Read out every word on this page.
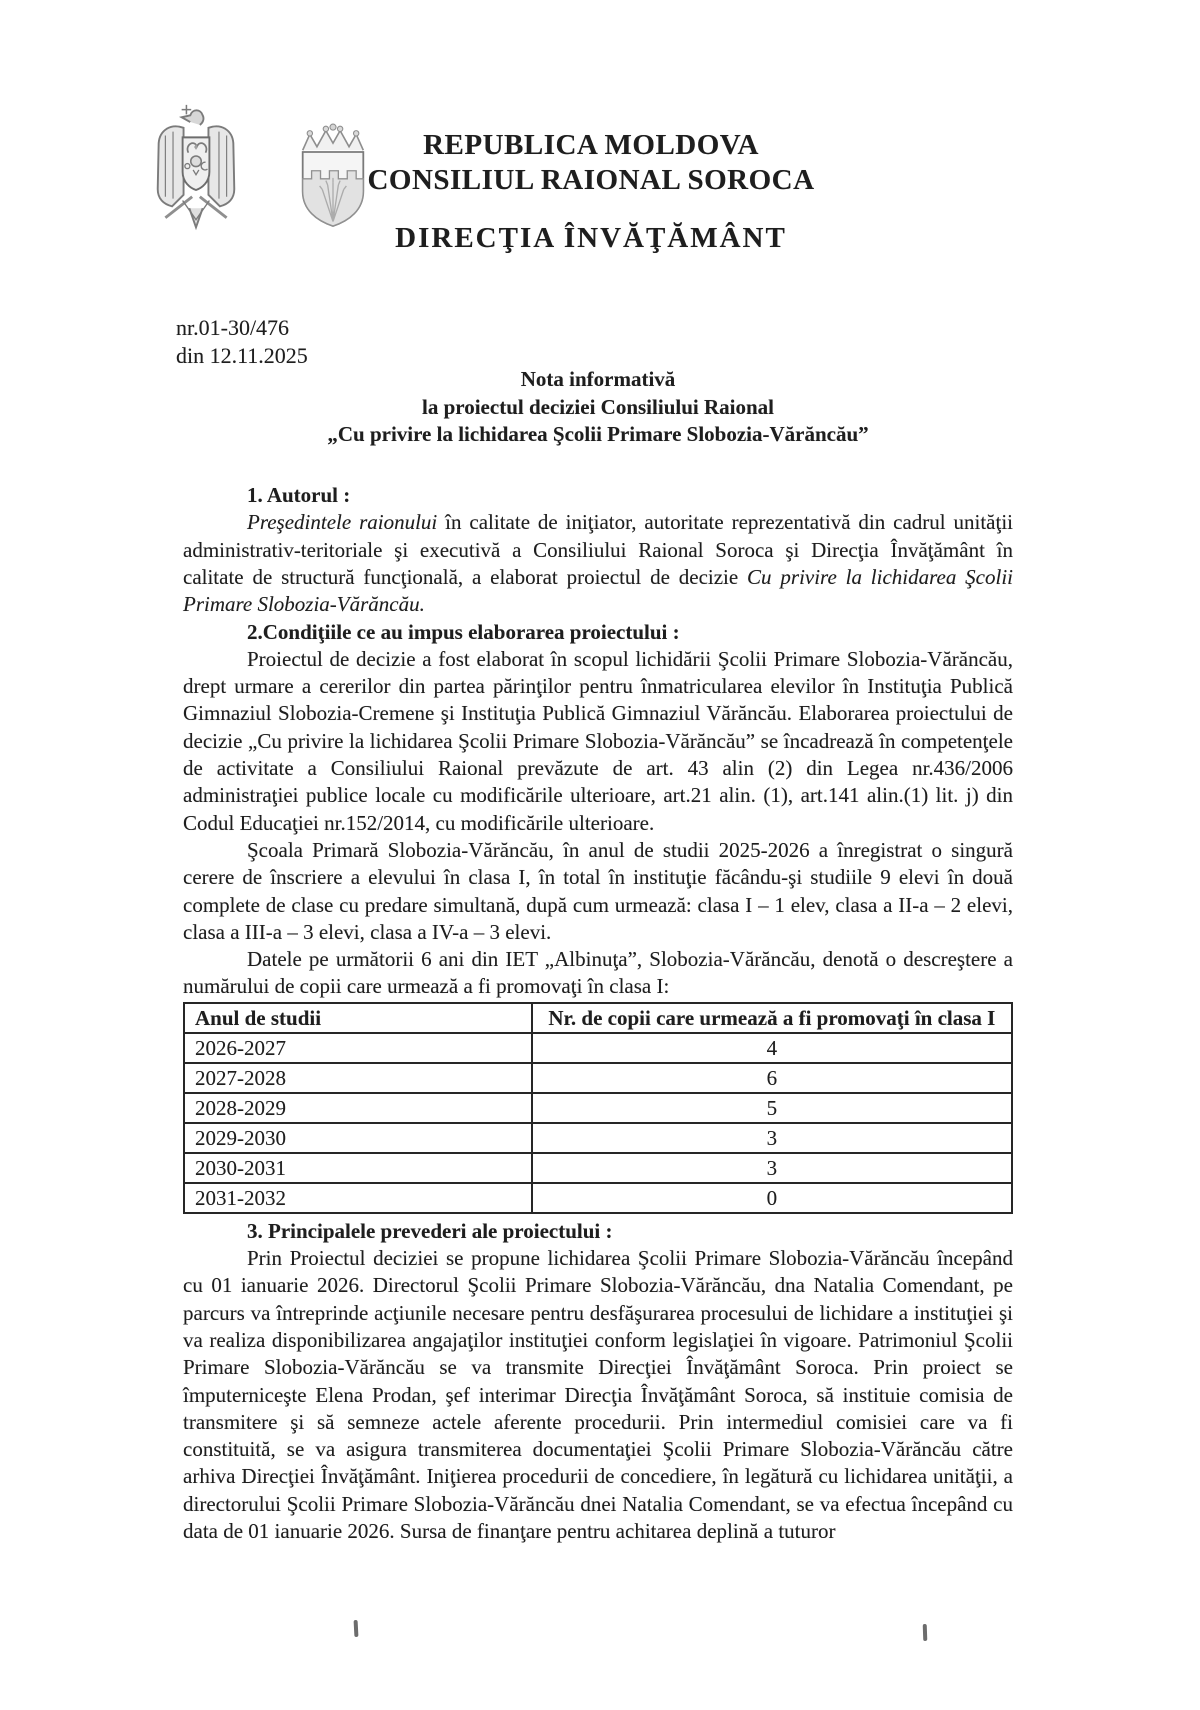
REPUBLICA MOLDOVA
CONSILIUL RAIONAL SOROCA
DIRECŢIA ÎNVĂŢĂMÂNT
nr.01-30/476
din 12.11.2025
Nota informativă
la proiectul deciziei Consiliului Raional
„Cu privire la lichidarea Şcolii Primare Slobozia-Vărăncău”
1. Autorul :
Preşedintele raionului în calitate de iniţiator, autoritate reprezentativă din cadrul unităţii administrativ-teritoriale şi executivă a Consiliului Raional Soroca şi Direcţia Învăţământ în calitate de structură funcţională, a elaborat proiectul de decizie Cu privire la lichidarea Şcolii Primare Slobozia-Vărăncău.
2.Condiţiile ce au impus elaborarea proiectului :
Proiectul de decizie a fost elaborat în scopul lichidării Şcolii Primare Slobozia-Vărăncău, drept urmare a cererilor din partea părinţilor pentru înmatricularea elevilor în Instituţia Publică Gimnaziul Slobozia-Cremene şi Instituţia Publică Gimnaziul Vărăncău. Elaborarea proiectului de decizie „Cu privire la lichidarea Şcolii Primare Slobozia-Vărăncău” se încadrează în competenţele de activitate a Consiliului Raional prevăzute de art. 43 alin (2) din Legea nr.436/2006 administraţiei publice locale cu modificările ulterioare, art.21 alin. (1), art.141 alin.(1) lit. j) din Codul Educaţiei nr.152/2014, cu modificările ulterioare.
Şcoala Primară Slobozia-Vărăncău, în anul de studii 2025-2026 a înregistrat o singură cerere de înscriere a elevului în clasa I, în total în instituţie făcându-şi studiile 9 elevi în două complete de clase cu predare simultană, după cum urmează: clasa I – 1 elev, clasa a II-a – 2 elevi, clasa a III-a – 3 elevi, clasa a IV-a – 3 elevi.
Datele pe următorii 6 ani din IET „Albinuţa”, Slobozia-Vărăncău, denotă o descreştere a numărului de copii care urmează a fi promovaţi în clasa I:
Anul de studii	Nr. de copii care urmează a fi promovaţi în clasa I
2026-2027	4
2027-2028	6
2028-2029	5
2029-2030	3
2030-2031	3
2031-2032	0
3. Principalele prevederi ale proiectului :
Prin Proiectul deciziei se propune lichidarea Şcolii Primare Slobozia-Vărăncău începând cu 01 ianuarie 2026. Directorul Şcolii Primare Slobozia-Vărăncău, dna Natalia Comendant, pe parcurs va întreprinde acţiunile necesare pentru desfăşurarea procesului de lichidare a instituţiei şi va realiza disponibilizarea angajaţilor instituţiei conform legislaţiei în vigoare. Patrimoniul Şcolii Primare Slobozia-Vărăncău se va transmite Direcţiei Învăţământ Soroca. Prin proiect se împuterniceşte Elena Prodan, şef interimar Direcţia Învăţământ Soroca, să instituie comisia de transmitere şi să semneze actele aferente procedurii. Prin intermediul comisiei care va fi constituită, se va asigura transmiterea documentaţiei Şcolii Primare Slobozia-Vărăncău către arhiva Direcţiei Învăţământ. Iniţierea procedurii de concediere, în legătură cu lichidarea unităţii, a directorului Şcolii Primare Slobozia-Vărăncău dnei Natalia Comendant, se va efectua începând cu data de 01 ianuarie 2026. Sursa de finanţare pentru achitarea deplină a tuturor
